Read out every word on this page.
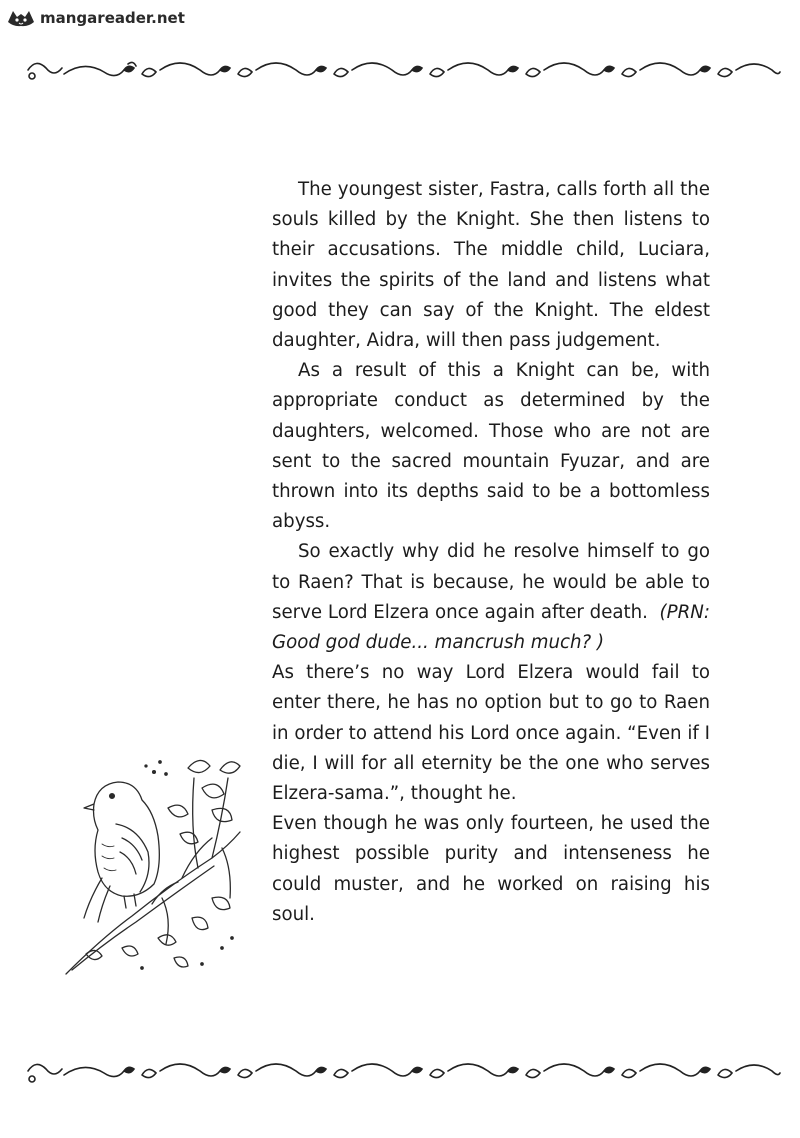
mangareader.net

The youngest sister, Fastra, calls forth all the souls killed by the Knight. She then listens to their accusations. The middle child, Luciara, invites the spirits of the land and listens what good they can say of the Knight. The eldest daughter, Aidra, will then pass judgement.

As a result of this a Knight can be, with appropriate conduct as determined by the daughters, welcomed. Those who are not are sent to the sacred mountain Fyuzar, and are thrown into its depths said to be a bottomless abyss.

So exactly why did he resolve himself to go to Raen? That is because, he would be able to serve Lord Elzera once again after death. (PRN: Good god dude... mancrush much? )

As there’s no way Lord Elzera would fail to enter there, he has no option but to go to Raen in order to attend his Lord once again. “Even if I die, I will for all eternity be the one who serves Elzera-sama.”, thought he.

Even though he was only fourteen, he used the highest possible purity and intenseness he could muster, and he worked on raising his soul.
